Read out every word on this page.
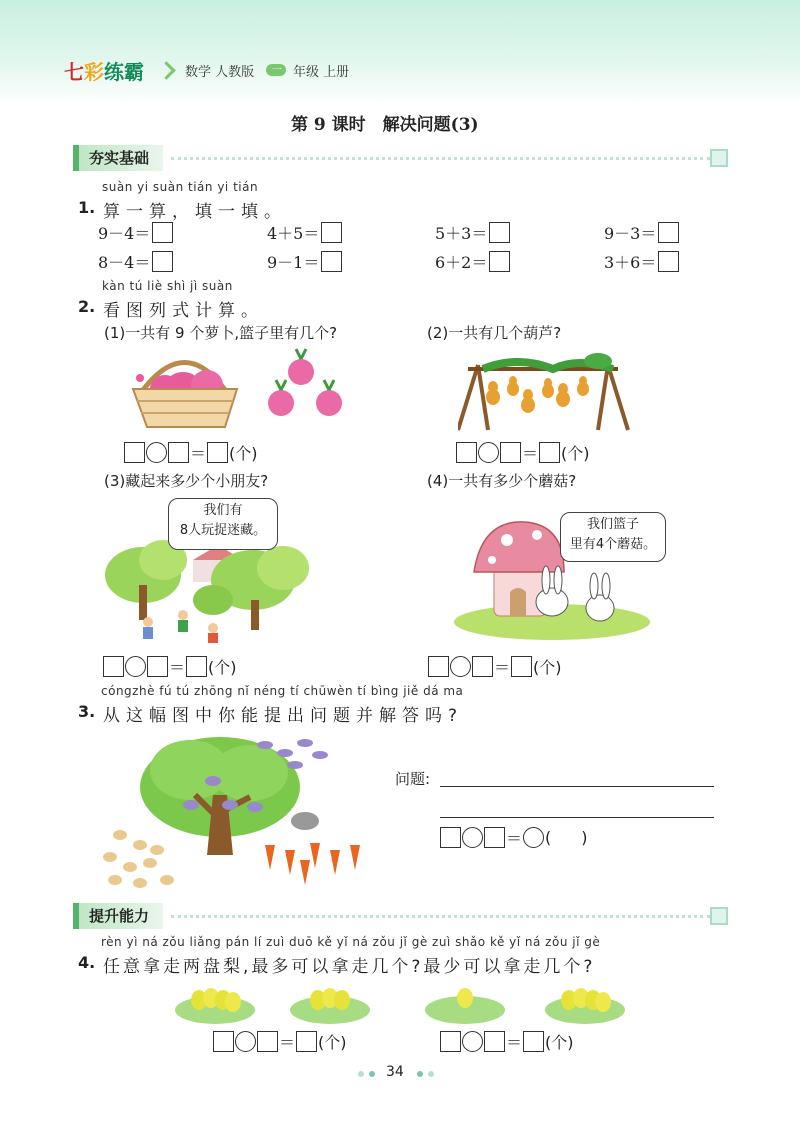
七彩练霸	数学 人教版 一 年级 上册
第 9 课时　解决问题(3)
夯实基础
suàn yi suàn tián yi tián
1. 算一算，填一填。
9－4＝	4＋5＝	5＋3＝	9－3＝
8－4＝	9－1＝	6＋2＝	3＋6＝
kàn tú liè shì jì suàn
2. 看图列式计算。
(1)一共有 9 个萝卜,篮子里有几个?	(2)一共有几个葫芦?
＝ (个)	＝ (个)
(3)藏起来多少个小朋友?	(4)一共有多少个蘑菇?
我们有
8人玩捉迷藏。	我们篮子
里有4个蘑菇。
＝ (个)	＝ (个)
cóngzhè fú tú zhōng nǐ néng tí chūwèn tí bìng jiě dá ma
3. 从这幅图中你能提出问题并解答吗?
问题:
＝ ( )
提升能力
rèn yì ná zǒu liǎng pán lí zuì duō kě yǐ ná zǒu jǐ gè zuì shǎo kě yǐ ná zǒu jǐ gè
4. 任意拿走两盘梨,最多可以拿走几个?最少可以拿走几个?
＝ (个)	＝ (个)
34
